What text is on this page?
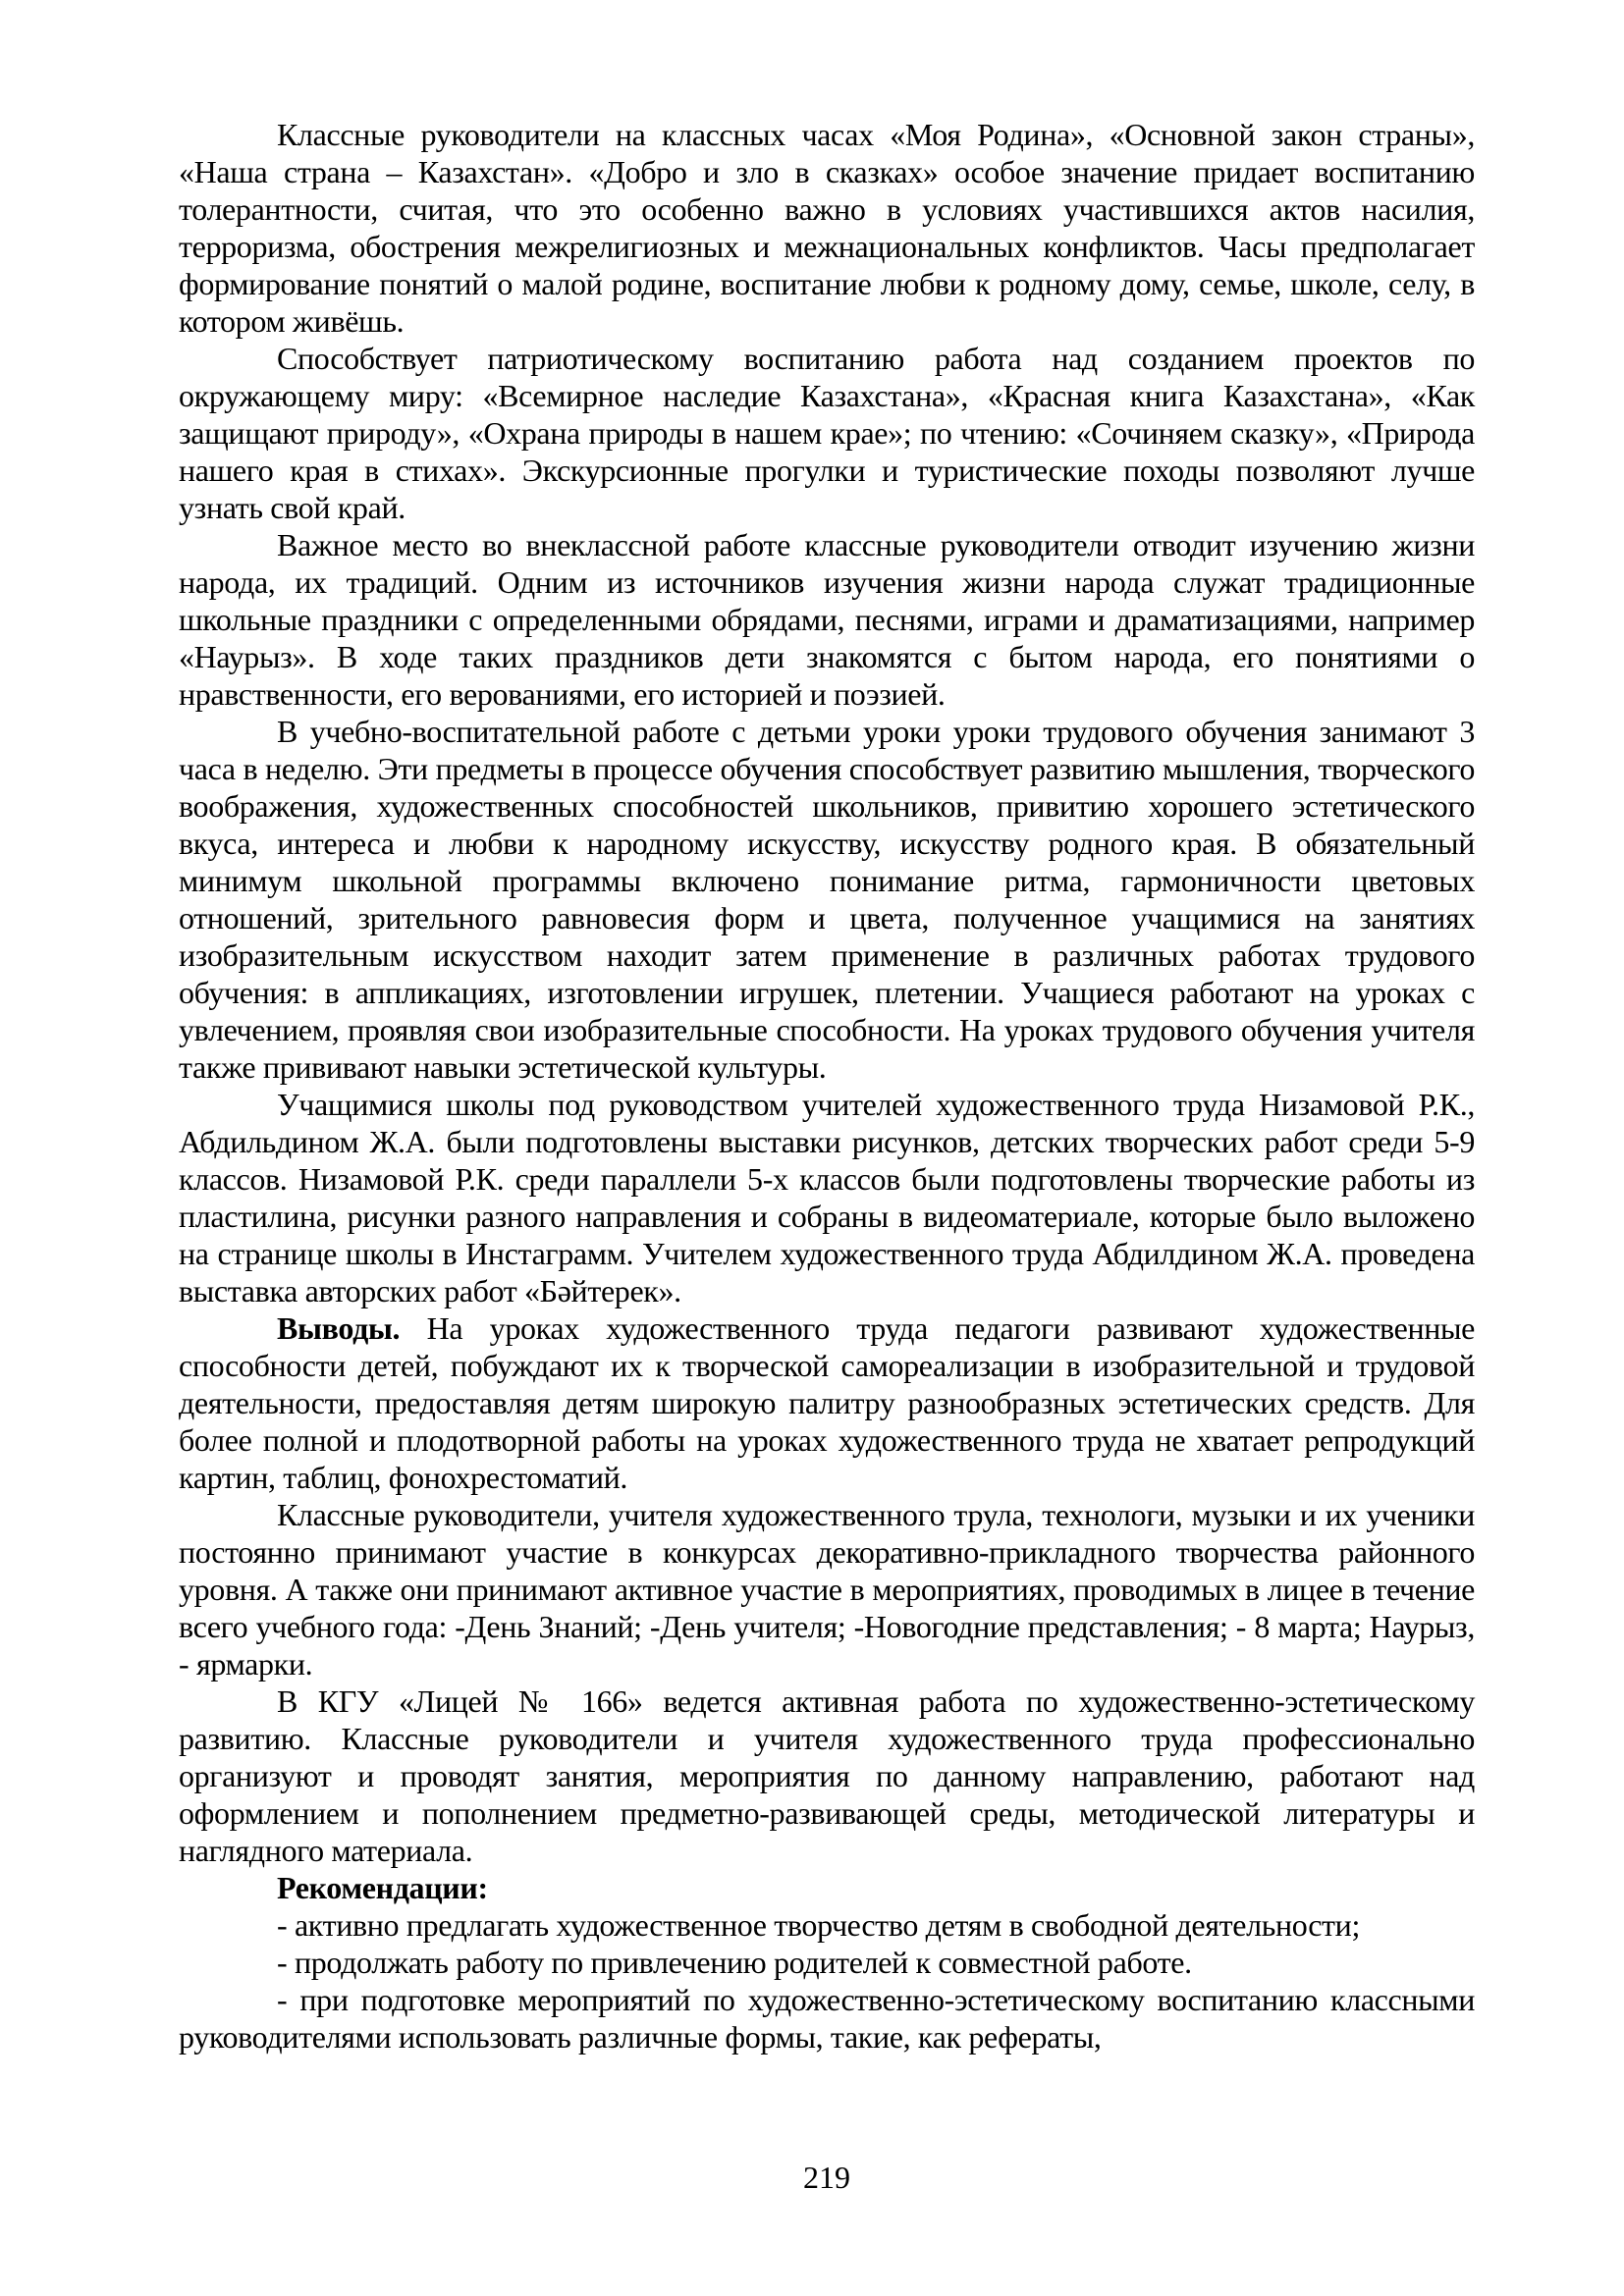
Классные руководители на классных часах «Моя Родина», «Основной закон страны», «Наша страна – Казахстан». «Добро и зло в сказках» особое значение придает воспитанию толерантности, считая, что это особенно важно в условиях участившихся актов насилия, терроризма, обострения межрелигиозных и межнациональных конфликтов. Часы предполагает формирование понятий о малой родине, воспитание любви к родному дому, семье, школе, селу, в котором живёшь.

Способствует патриотическому воспитанию работа над созданием проектов по окружающему миру: «Всемирное наследие Казахстана», «Красная книга Казахстана», «Как защищают природу», «Охрана природы в нашем крае»; по чтению: «Сочиняем сказку», «Природа нашего края в стихах». Экскурсионные прогулки и туристические походы позволяют лучше узнать свой край.

Важное место во внеклассной работе классные руководители отводит изучению жизни народа, их традиций. Одним из источников изучения жизни народа служат традиционные школьные праздники с определенными обрядами, песнями, играми и драматизациями, например «Наурыз». В ходе таких праздников дети знакомятся с бытом народа, его понятиями о нравственности, его верованиями, его историей и поэзией.

В учебно-воспитательной работе с детьми уроки уроки трудового обучения занимают 3 часа в неделю. Эти предметы в процессе обучения способствует развитию мышления, творческого воображения, художественных способностей школьников, привитию хорошего эстетического вкуса, интереса и любви к народному искусству, искусству родного края. В обязательный минимум школьной программы включено понимание ритма, гармоничности цветовых отношений, зрительного равновесия форм и цвета, полученное учащимися на занятиях изобразительным искусством находит затем применение в различных работах трудового обучения: в аппликациях, изготовлении игрушек, плетении. Учащиеся работают на уроках с увлечением, проявляя свои изобразительные способности. На уроках трудового обучения учителя также прививают навыки эстетической культуры.

Учащимися школы под руководством учителей художественного труда Низамовой Р.К., Абдильдином Ж.А. были подготовлены выставки рисунков, детских творческих работ среди 5-9 классов. Низамовой Р.К. среди параллели 5-х классов были подготовлены творческие работы из пластилина, рисунки разного направления и собраны в видеоматериале, которые было выложено на странице школы в Инстаграмм. Учителем художественного труда Абдилдином Ж.А. проведена выставка авторских работ «Бәйтерек».

Выводы. На уроках художественного труда педагоги развивают художественные способности детей, побуждают их к творческой самореализации в изобразительной и трудовой деятельности, предоставляя детям широкую палитру разнообразных эстетических средств. Для более полной и плодотворной работы на уроках художественного труда не хватает репродукций картин, таблиц, фонохрестоматий.

Классные руководители, учителя художественного трула, технологи, музыки и их ученики постоянно принимают участие в конкурсах декоративно-прикладного творчества районного уровня. А также они принимают активное участие в мероприятиях, проводимых в лицее в течение всего учебного года: -День Знаний; -День учителя; -Новогодние представления; - 8 марта; Наурыз, - ярмарки.

В КГУ «Лицей № 166» ведется активная работа по художественно-эстетическому развитию. Классные руководители и учителя художественного труда профессионально организуют и проводят занятия, мероприятия по данному направлению, работают над оформлением и пополнением предметно-развивающей среды, методической литературы и наглядного материала.

Рекомендации:

- активно предлагать художественное творчество детям в свободной деятельности;

- продолжать работу по привлечению родителей к совместной работе.

- при подготовке мероприятий по художественно-эстетическому воспитанию классными руководителями использовать различные формы, такие, как рефераты,

219
